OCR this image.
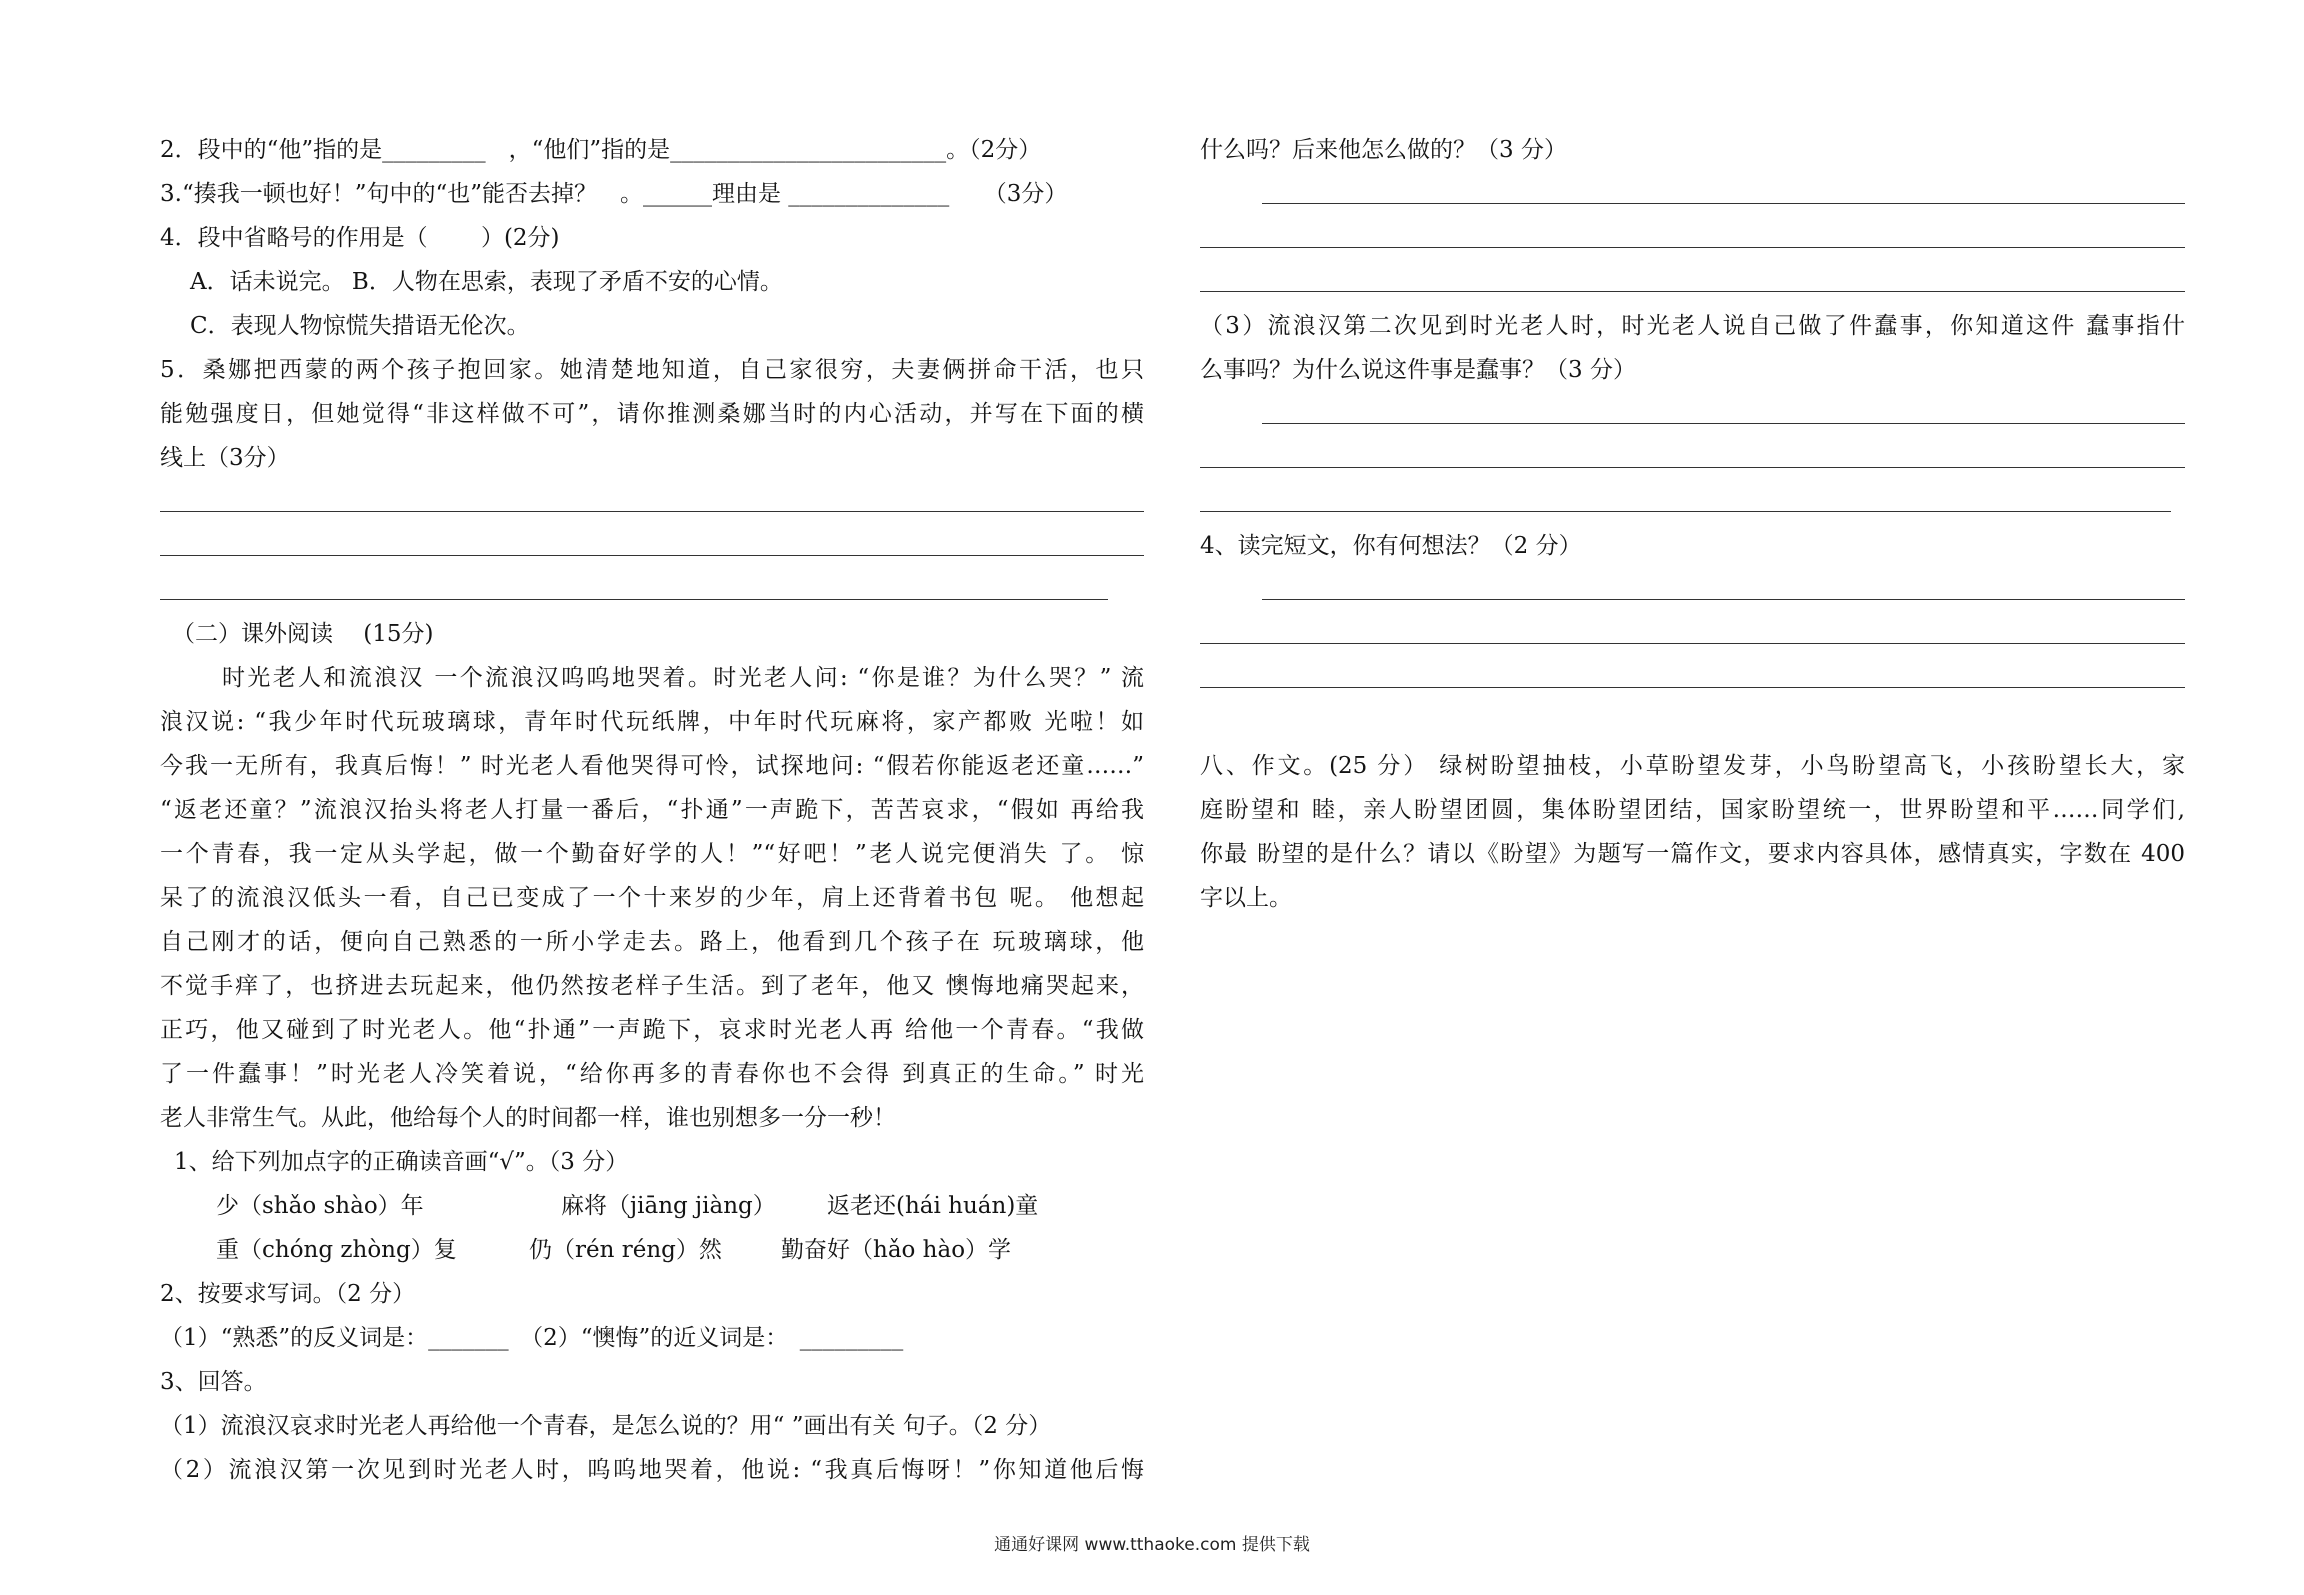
2．段中的“他”指的是_________　，“他们”指的是________________________。（2分）
3.“揍我一顿也好！”句中的“也”能否去掉？　。______理由是 ______________　　（3分）
4．段中省略号的作用是（　　 ）(2分)
A．话未说完。 B．人物在思索，表现了矛盾不安的心情。
C．表现人物惊慌失措语无伦次。
5．桑娜把西蒙的两个孩子抱回家。她清楚地知道，自己家很穷，夫妻俩拼命干活，也只
能勉强度日，但她觉得“非这样做不可”，请你推测桑娜当时的内心活动，并写在下面的横
线上（3分）
（二）课外阅读　 (15分)
时光老人和流浪汉 一个流浪汉呜呜地哭着。时光老人问: “你是谁？为什么哭？” 流
浪汉说: “我少年时代玩玻璃球，青年时代玩纸牌，中年时代玩麻将，家产都败 光啦！如
今我一无所有，我真后悔！” 时光老人看他哭得可怜，试探地问: “假若你能返老还童……”
“返老还童？”流浪汉抬头将老人打量一番后，“扑通”一声跪下，苦苦哀求，“假如 再给我
一个青春，我一定从头学起，做一个勤奋好学的人！”“好吧！”老人说完便消失 了。 惊
呆了的流浪汉低头一看，自己已变成了一个十来岁的少年，肩上还背着书包 呢。 他想起
自己刚才的话，便向自己熟悉的一所小学走去。路上，他看到几个孩子在 玩玻璃球，他
不觉手痒了，也挤进去玩起来，他仍然按老样子生活。到了老年，他又 懊悔地痛哭起来，
正巧，他又碰到了时光老人。他“扑通”一声跪下，哀求时光老人再 给他一个青春。“我做
了一件蠢事！”时光老人冷笑着说，“给你再多的青春你也不会得 到真正的生命。” 时光
老人非常生气。从此，他给每个人的时间都一样，谁也别想多一分一秒！
1、给下列加点字的正确读音画“√”。（3 分）
少（shǎo shào）年	麻将（jiāng jiàng）	返老还(hái huán)童
重（chóng zhòng）复	仍（rén réng）然	勤奋好（hǎo hào）学
2、按要求写词。（2 分）
（1）“熟悉”的反义词是：_______　（2）“懊悔”的近义词是：　_________
3、回答。
（1）流浪汉哀求时光老人再给他一个青春，是怎么说的？用“ ”画出有关 句子。（2 分）
（2）流浪汉第一次见到时光老人时，呜呜地哭着，他说: “我真后悔呀！”你知道他后悔
什么吗？后来他怎么做的？（3 分）
（3）流浪汉第二次见到时光老人时，时光老人说自己做了件蠢事，你知道这件 蠢事指什
么事吗？为什么说这件事是蠢事？（3 分）
4、读完短文，你有何想法？（2 分）
八、作文。(25 分） 绿树盼望抽枝，小草盼望发芽，小鸟盼望高飞，小孩盼望长大，家
庭盼望和 睦，亲人盼望团圆，集体盼望团结，国家盼望统一，世界盼望和平……同学们,
你最 盼望的是什么？请以《盼望》为题写一篇作文，要求内容具体，感情真实，字数在 400
字以上。
通通好课网 www.tthaoke.com 提供下载
